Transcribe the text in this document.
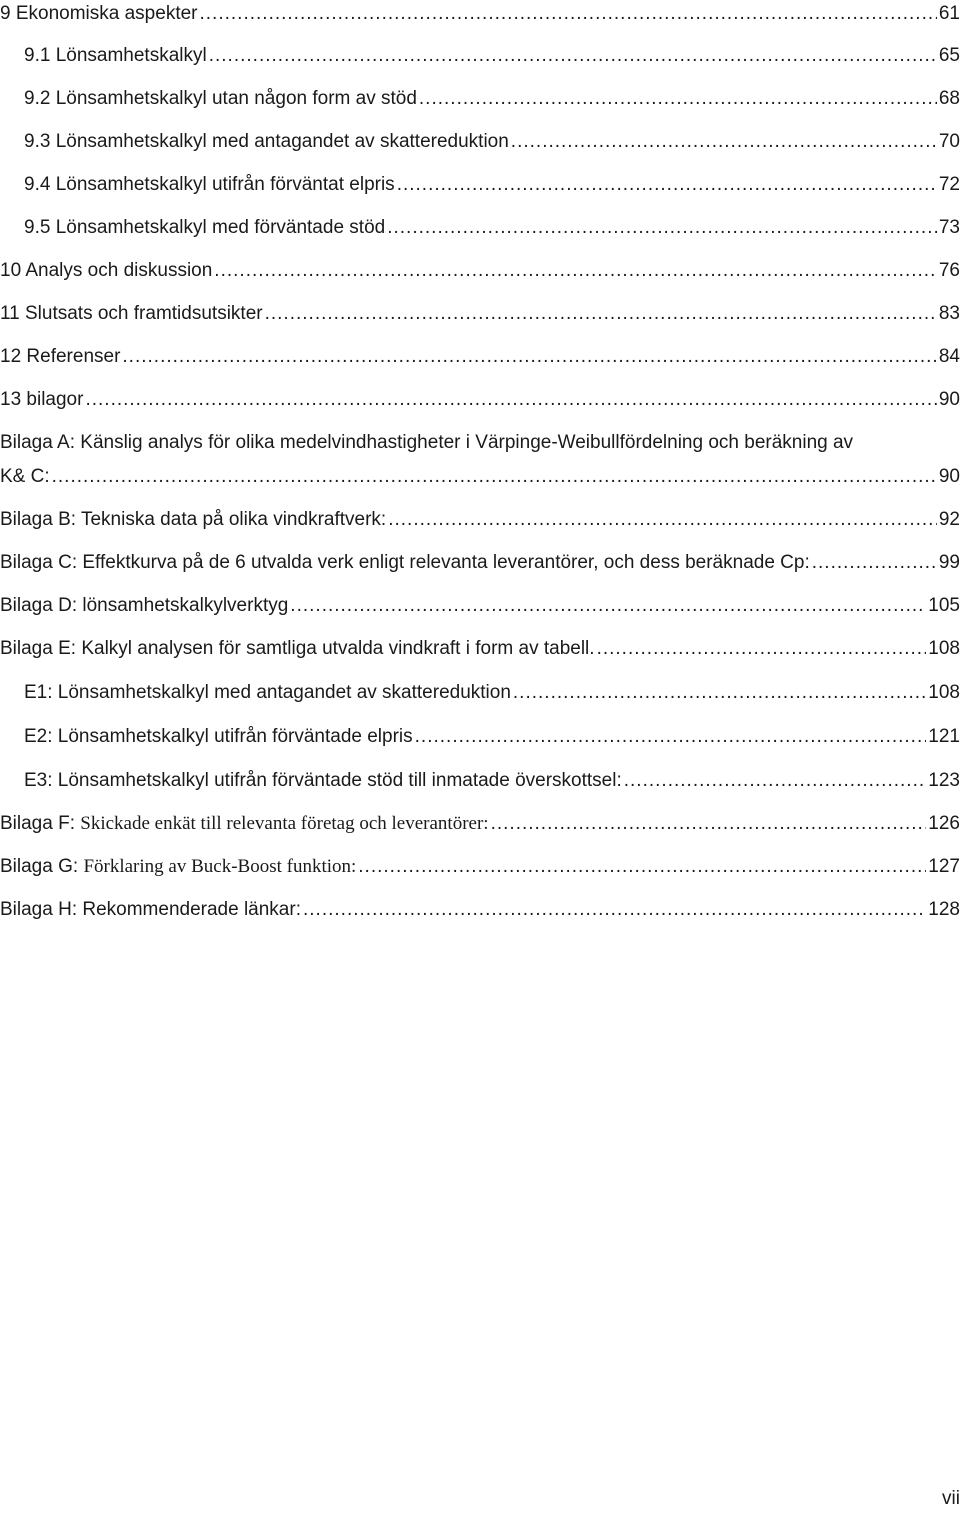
9 Ekonomiska aspekter .....	61
9.1 Lönsamhetskalkyl .....	65
9.2 Lönsamhetskalkyl utan någon form av stöd .....	68
9.3 Lönsamhetskalkyl med antagandet av skattereduktion .....	70
9.4 Lönsamhetskalkyl utifrån förväntat elpris .....	72
9.5 Lönsamhetskalkyl med förväntade stöd .....	73
10 Analys och diskussion .....	76
11 Slutsats och framtidsutsikter .....	83
12 Referenser .....	84
13 bilagor .....	90
Bilaga A: Känslig analys för olika medelvindhastigheter i Värpinge-Weibullfördelning och beräkning av
K& C: .....	90
Bilaga B: Tekniska data på olika vindkraftverk: .....	92
Bilaga C: Effektkurva på de 6 utvalda verk enligt relevanta leverantörer, och dess beräknade Cp: .....	99
Bilaga D: lönsamhetskalkylverktyg .....	105
Bilaga E: Kalkyl analysen för samtliga utvalda vindkraft i form av tabell. .....	108
E1: Lönsamhetskalkyl med antagandet av skattereduktion .....	108
E2: Lönsamhetskalkyl utifrån förväntade elpris .....	121
E3: Lönsamhetskalkyl utifrån förväntade stöd till inmatade överskottsel: .....	123
Bilaga F: Skickade enkät till relevanta företag och leverantörer: .....	126
Bilaga G: Förklaring av Buck-Boost funktion: .....	127
Bilaga H: Rekommenderade länkar: .....	128
vii
